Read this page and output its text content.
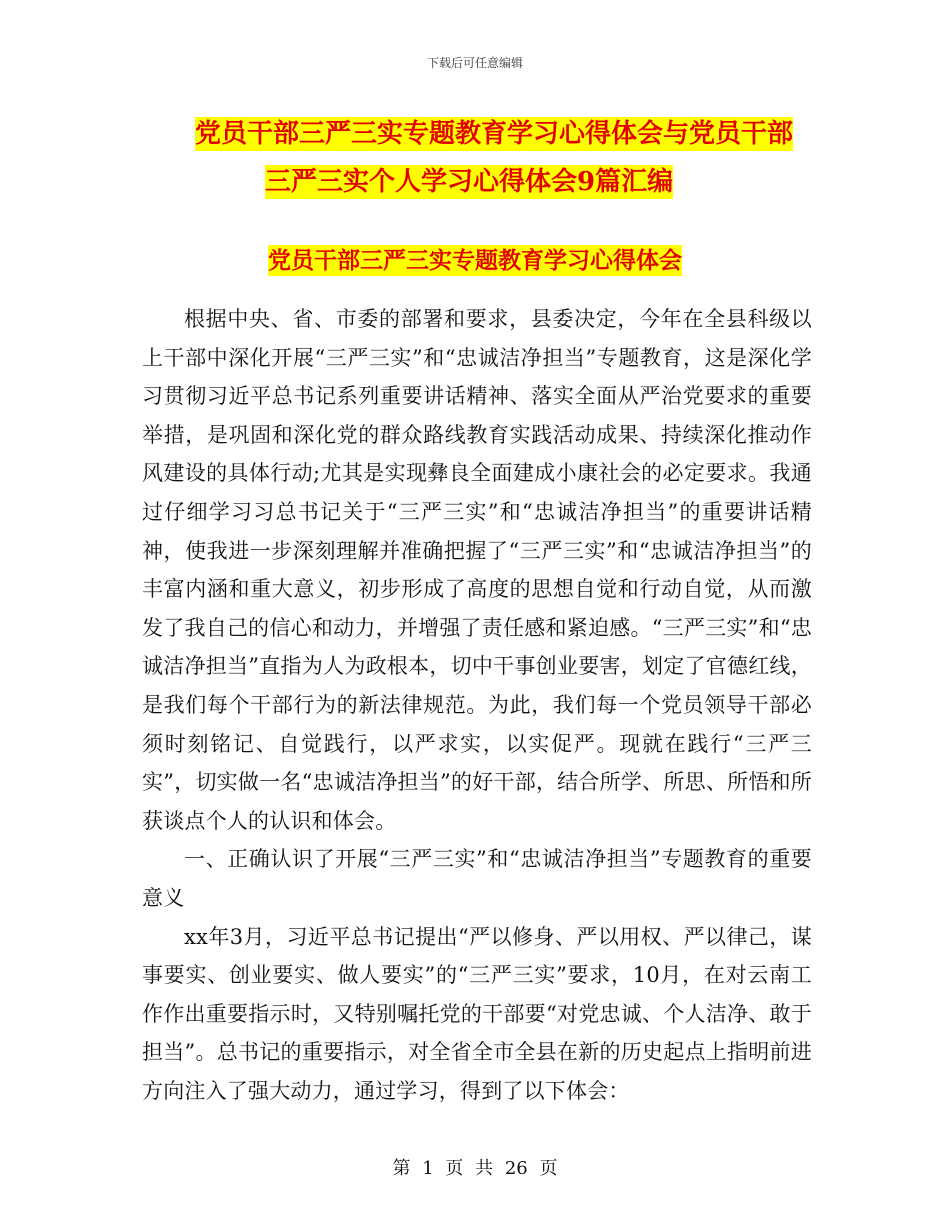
下载后可任意编辑
党员干部三严三实专题教育学习心得体会与党员干部
三严三实个人学习心得体会9篇汇编
党员干部三严三实专题教育学习心得体会

根据中央、省、市委的部署和要求，县委决定，今年在全县科级以上干部中深化开展“三严三实”和“忠诚洁净担当”专题教育，这是深化学习贯彻习近平总书记系列重要讲话精神、落实全面从严治党要求的重要举措，是巩固和深化党的群众路线教育实践活动成果、持续深化推动作风建设的具体行动;尤其是实现彝良全面建成小康社会的必定要求。我通过仔细学习习总书记关于“三严三实”和“忠诚洁净担当”的重要讲话精神，使我进一步深刻理解并准确把握了“三严三实”和“忠诚洁净担当”的丰富内涵和重大意义，初步形成了高度的思想自觉和行动自觉，从而激发了我自己的信心和动力，并增强了责任感和紧迫感。“三严三实”和“忠诚洁净担当”直指为人为政根本，切中干事创业要害，划定了官德红线，是我们每个干部行为的新法律规范。为此，我们每一个党员领导干部必须时刻铭记、自觉践行，以严求实，以实促严。现就在践行“三严三实”，切实做一名“忠诚洁净担当”的好干部，结合所学、所思、所悟和所获谈点个人的认识和体会。

一、正确认识了开展“三严三实”和“忠诚洁净担当”专题教育的重要意义

xx年3月，习近平总书记提出“严以修身、严以用权、严以律己，谋事要实、创业要实、做人要实”的“三严三实”要求，10月，在对云南工作作出重要指示时，又特别嘱托党的干部要“对党忠诚、个人洁净、敢于担当”。总书记的重要指示，对全省全市全县在新的历史起点上指明前进方向注入了强大动力，通过学习，得到了以下体会：

第 1 页 共 26 页
